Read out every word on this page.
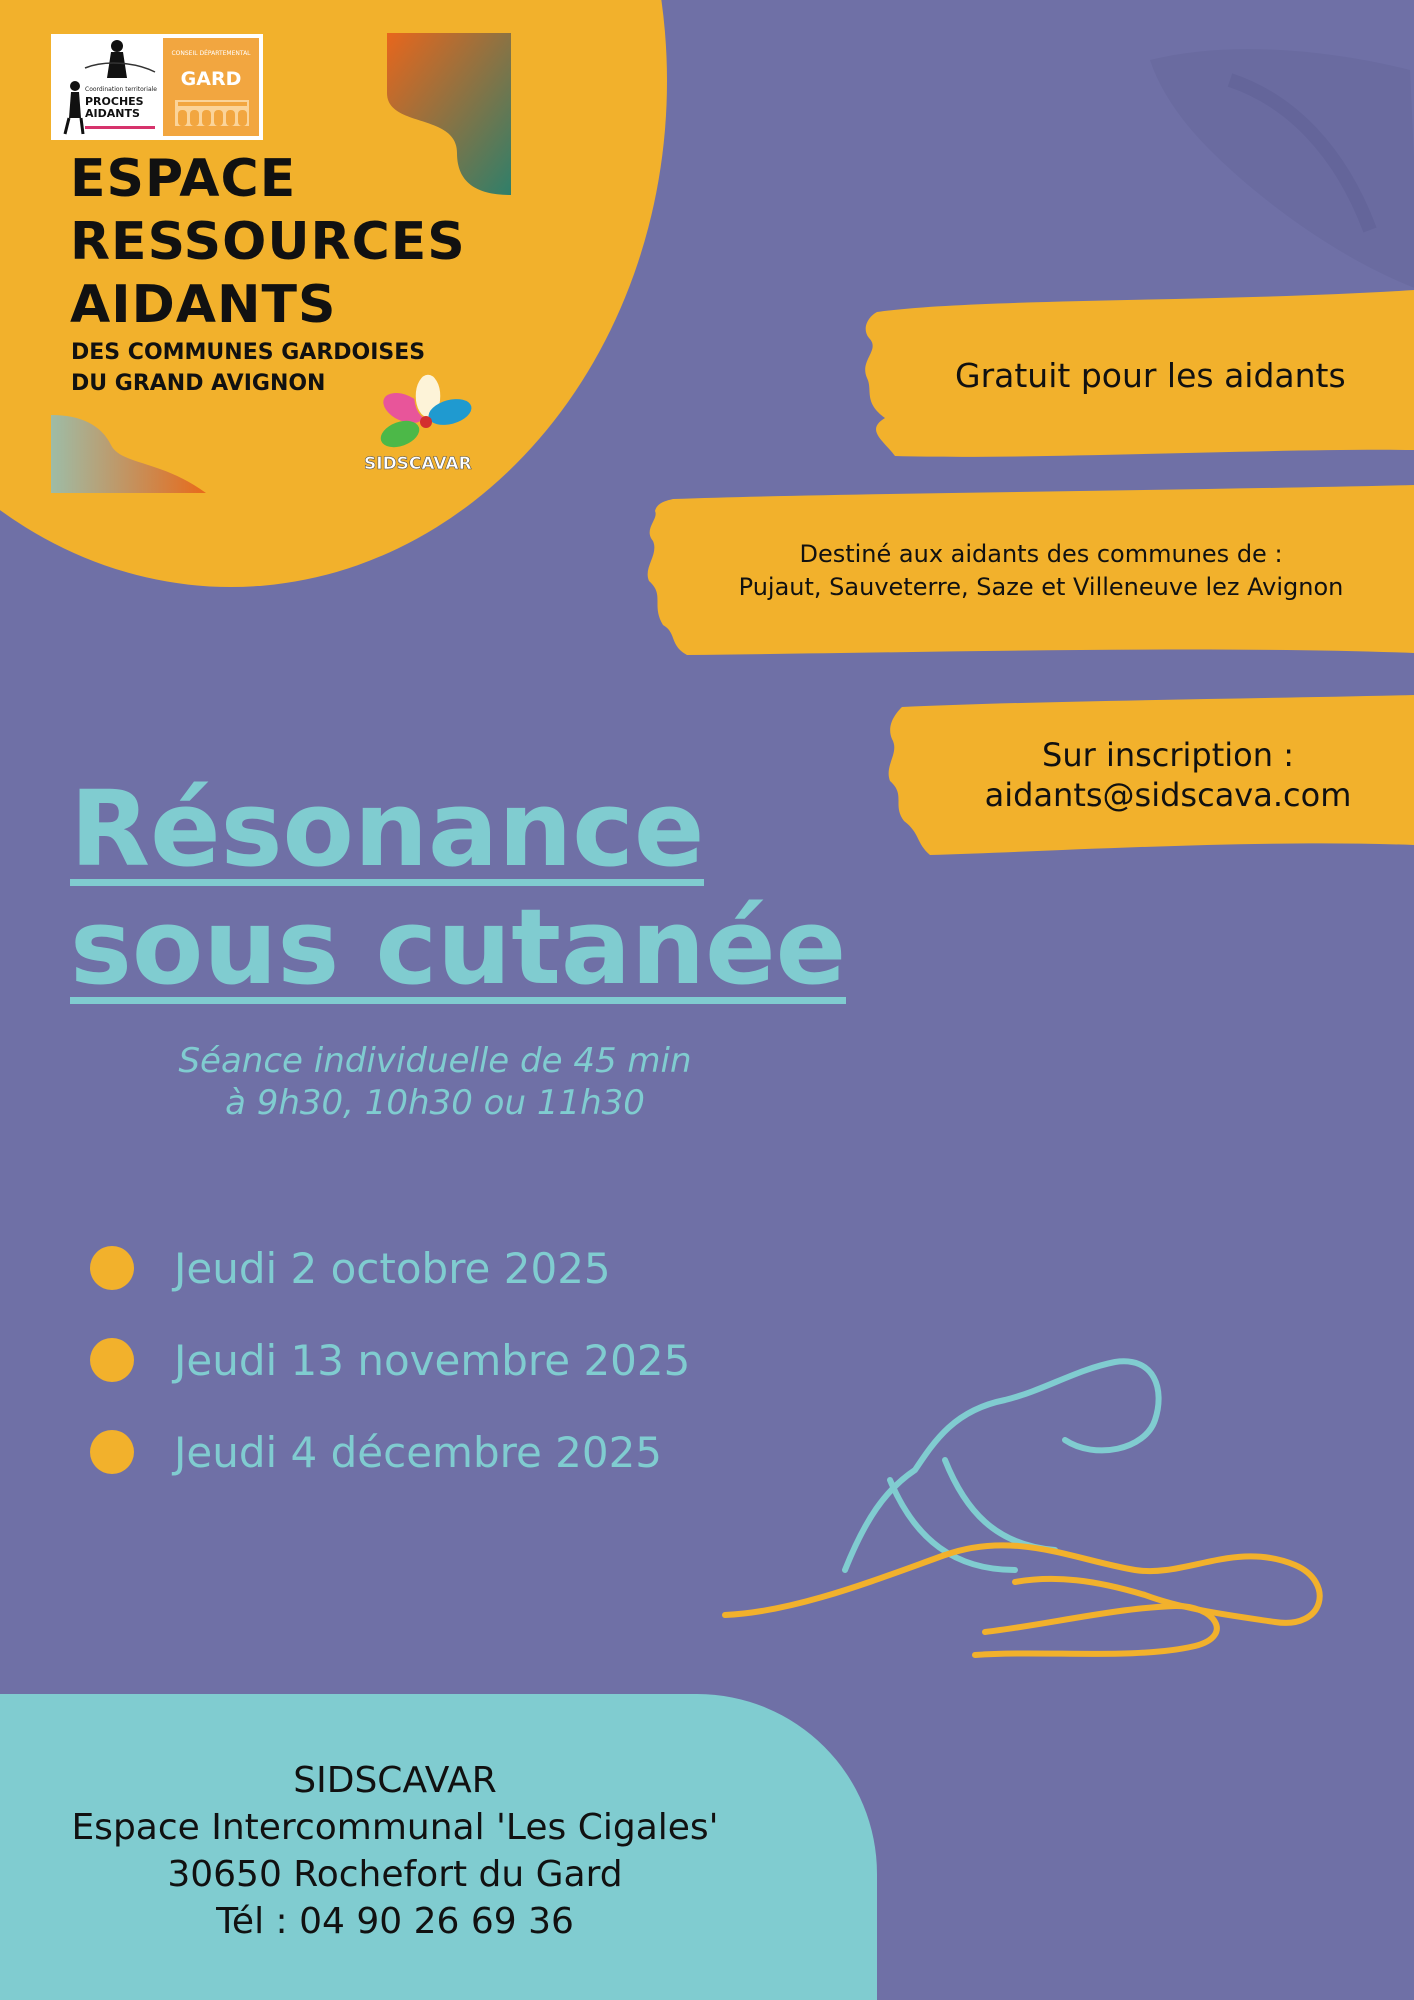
Coordination territoriale
PROCHES AIDANTS
CONSEIL DÉPARTEMENTAL
GARD
ESPACE
RESSOURCES
AIDANTS
DES COMMUNES GARDOISES
DU GRAND AVIGNON
SIDSCAVAR
Gratuit pour les aidants
Destiné aux aidants des communes de :
Pujaut, Sauveterre, Saze et Villeneuve lez Avignon
Sur inscription :
aidants@sidscava.com
Résonance
sous cutanée
Séance individuelle de 45 min
à 9h30, 10h30 ou 11h30
Jeudi 2 octobre 2025
Jeudi 13 novembre 2025
Jeudi 4 décembre 2025
SIDSCAVAR
Espace Intercommunal 'Les Cigales'
30650 Rochefort du Gard
Tél : 04 90 26 69 36
